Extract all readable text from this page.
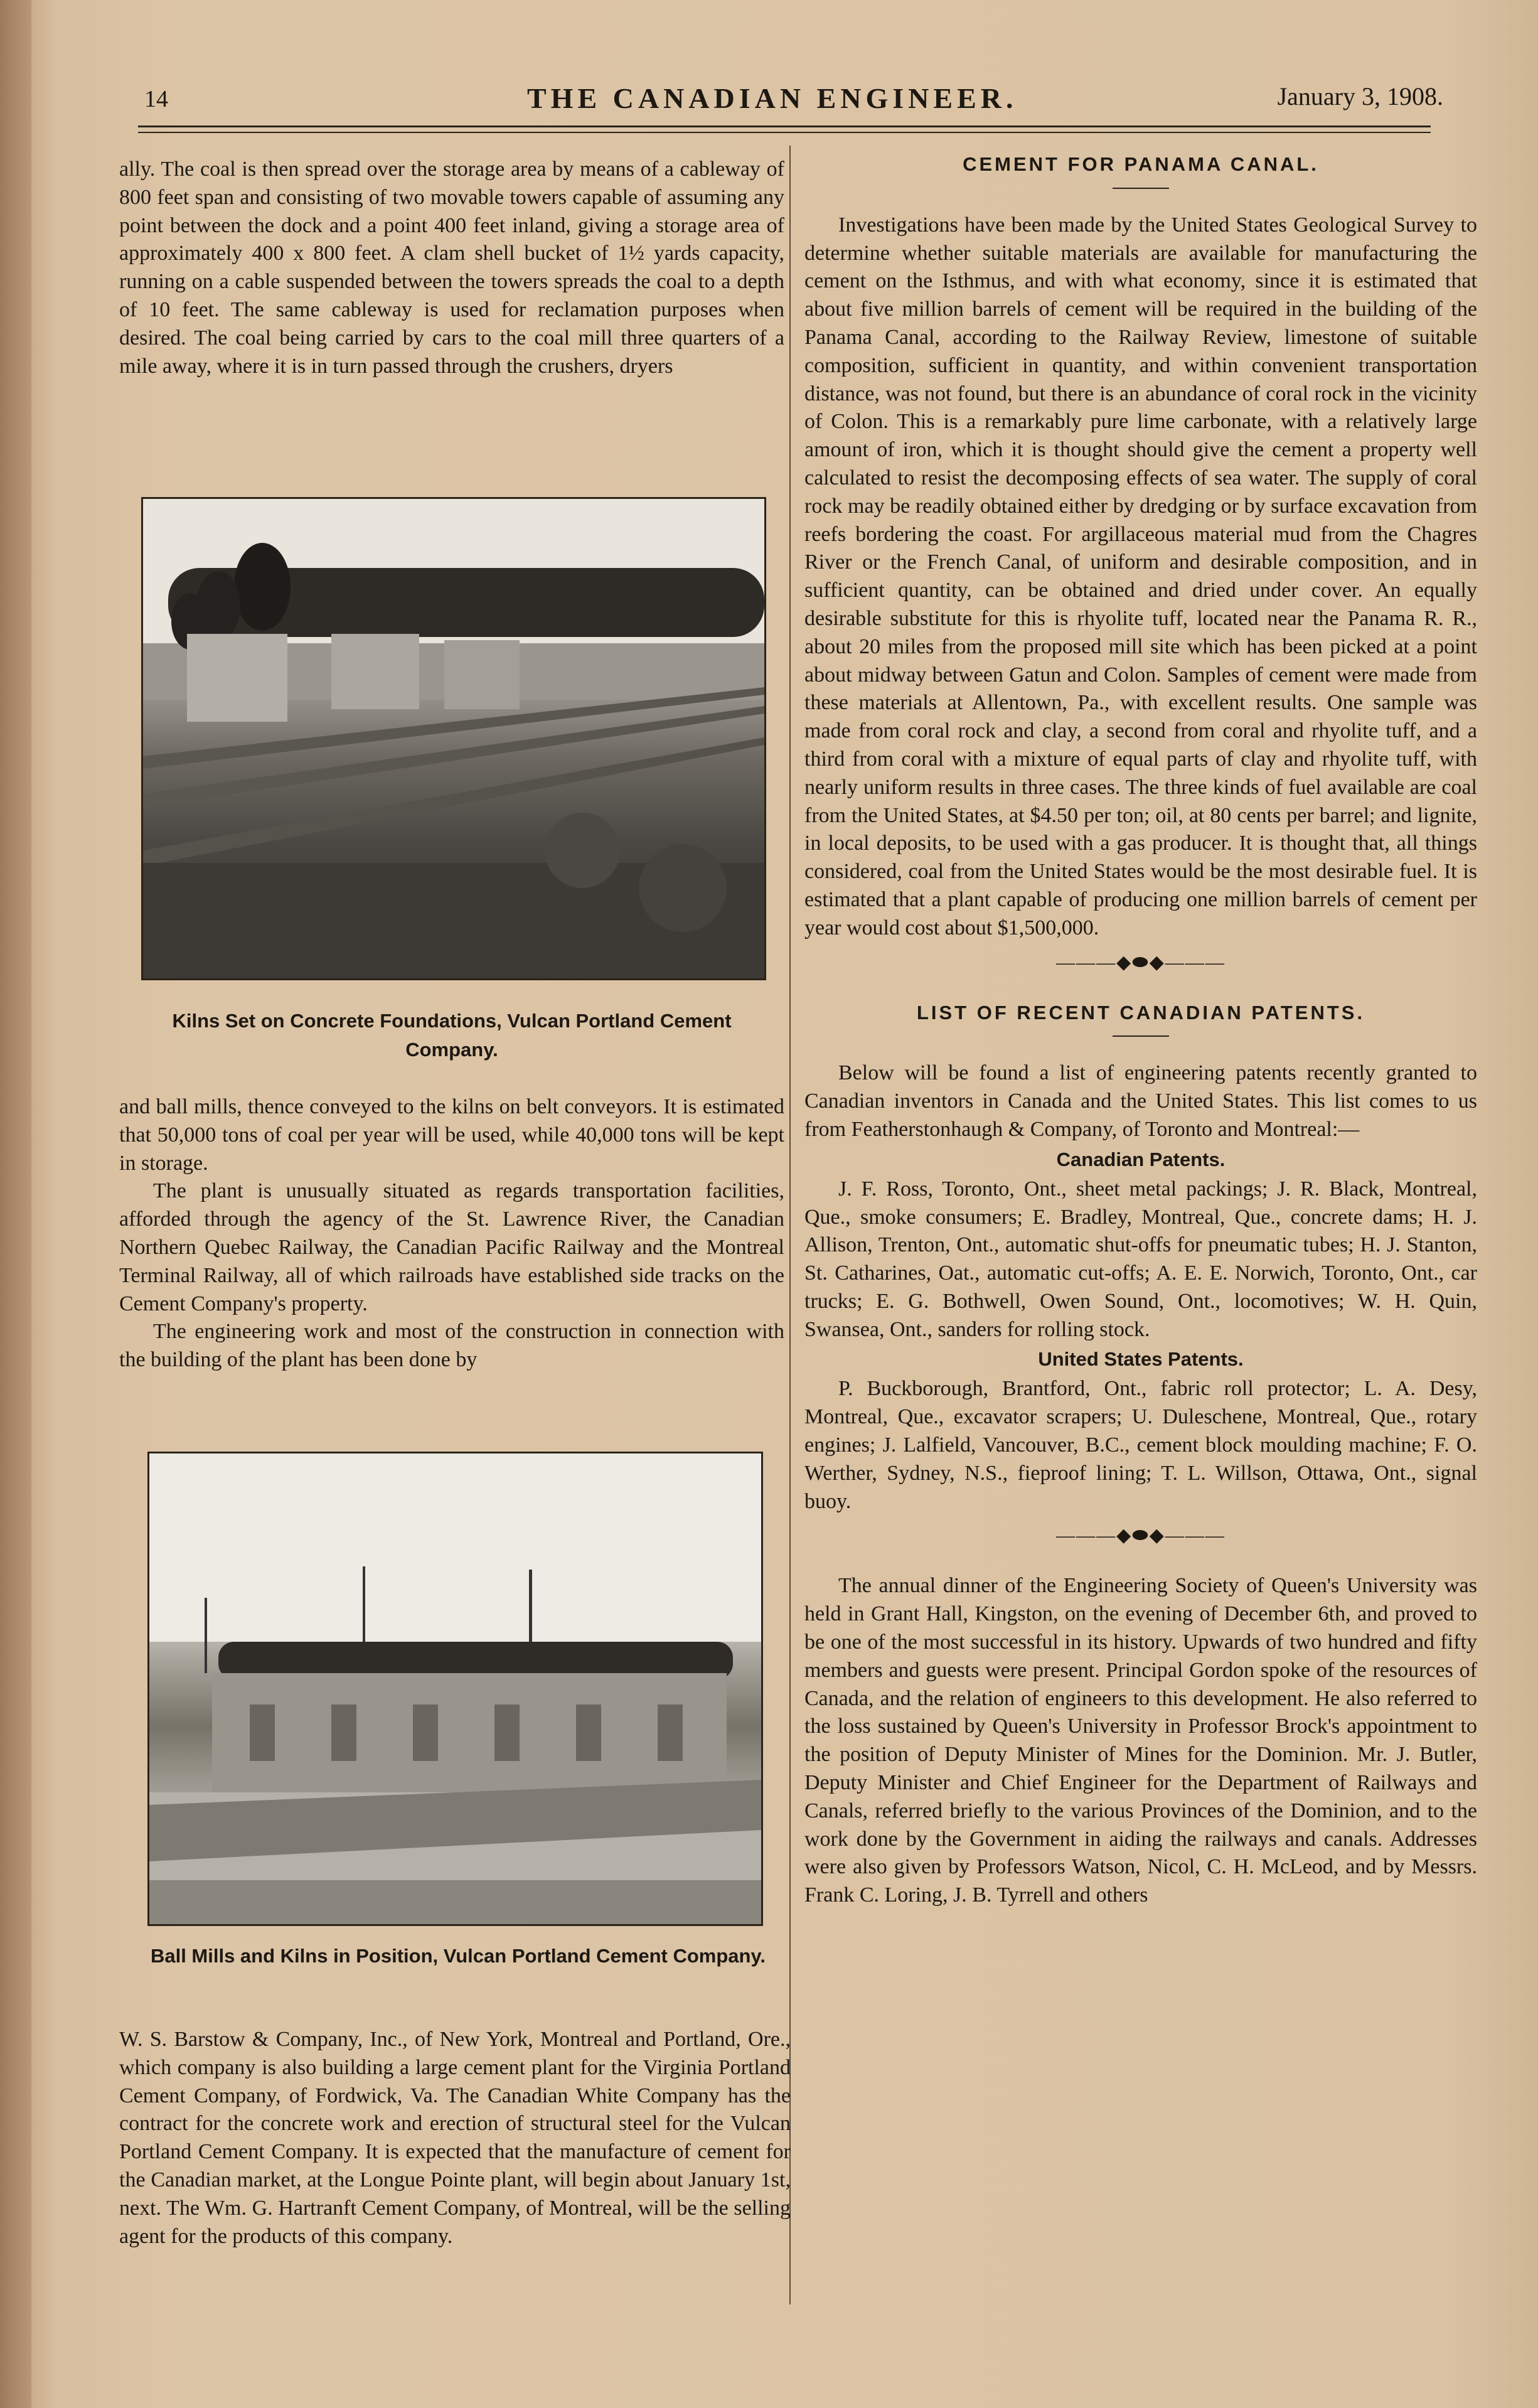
14	THE CANADIAN ENGINEER.	January 3, 1908.

ally. The coal is then spread over the storage area by means of a cableway of 800 feet span and consisting of two movable towers capable of assuming any point between the dock and a point 400 feet inland, giving a storage area of approximately 400 x 800 feet. A clam shell bucket of 1½ yards capacity, running on a cable suspended between the towers spreads the coal to a depth of 10 feet. The same cableway is used for reclamation purposes when desired. The coal being carried by cars to the coal mill three quarters of a mile away, where it is in turn passed through the crushers, dryers

Kilns Set on Concrete Foundations, Vulcan Portland Cement Company.

and ball mills, thence conveyed to the kilns on belt conveyors. It is estimated that 50,000 tons of coal per year will be used, while 40,000 tons will be kept in storage.

The plant is unusually situated as regards transportation facilities, afforded through the agency of the St. Lawrence River, the Canadian Northern Quebec Railway, the Canadian Pacific Railway and the Montreal Terminal Railway, all of which railroads have established side tracks on the Cement Company's property.

The engineering work and most of the construction in connection with the building of the plant has been done by

Ball Mills and Kilns in Position, Vulcan Portland Cement Company.

W. S. Barstow & Company, Inc., of New York, Montreal and Portland, Ore., which company is also building a large cement plant for the Virginia Portland Cement Company, of Fordwick, Va. The Canadian White Company has the contract for the concrete work and erection of structural steel for the Vulcan Portland Cement Company. It is expected that the manufacture of cement for the Canadian market, at the Longue Pointe plant, will begin about January 1st, next. The Wm. G. Hartranft Cement Company, of Montreal, will be the selling agent for the products of this company.

CEMENT FOR PANAMA CANAL.

Investigations have been made by the United States Geological Survey to determine whether suitable materials are available for manufacturing the cement on the Isthmus, and with what economy, since it is estimated that about five million barrels of cement will be required in the building of the Panama Canal, according to the Railway Review, limestone of suitable composition, sufficient in quantity, and within convenient transportation distance, was not found, but there is an abundance of coral rock in the vicinity of Colon. This is a remarkably pure lime carbonate, with a relatively large amount of iron, which it is thought should give the cement a property well calculated to resist the decomposing effects of sea water. The supply of coral rock may be readily obtained either by dredging or by surface excavation from reefs bordering the coast. For argillaceous material mud from the Chagres River or the French Canal, of uniform and desirable composition, and in sufficient quantity, can be obtained and dried under cover. An equally desirable substitute for this is rhyolite tuff, located near the Panama R. R., about 20 miles from the proposed mill site which has been picked at a point about midway between Gatun and Colon. Samples of cement were made from these materials at Allentown, Pa., with excellent results. One sample was made from coral rock and clay, a second from coral and rhyolite tuff, and a third from coral with a mixture of equal parts of clay and rhyolite tuff, with nearly uniform results in three cases. The three kinds of fuel available are coal from the United States, at $4.50 per ton; oil, at 80 cents per barrel; and lignite, in local deposits, to be used with a gas producer. It is thought that, all things considered, coal from the United States would be the most desirable fuel. It is estimated that a plant capable of producing one million barrels of cement per year would cost about $1,500,000.

———◆⬬◆———
LIST OF RECENT CANADIAN PATENTS.

Below will be found a list of engineering patents recently granted to Canadian inventors in Canada and the United States. This list comes to us from Featherstonhaugh & Company, of Toronto and Montreal:—

Canadian Patents.

J. F. Ross, Toronto, Ont., sheet metal packings; J. R. Black, Montreal, Que., smoke consumers; E. Bradley, Montreal, Que., concrete dams; H. J. Allison, Trenton, Ont., automatic shut-offs for pneumatic tubes; H. J. Stanton, St. Catharines, Oat., automatic cut-offs; A. E. E. Norwich, Toronto, Ont., car trucks; E. G. Bothwell, Owen Sound, Ont., locomotives; W. H. Quin, Swansea, Ont., sanders for rolling stock.

United States Patents.

P. Buckborough, Brantford, Ont., fabric roll protector; L. A. Desy, Montreal, Que., excavator scrapers; U. Duleschene, Montreal, Que., rotary engines; J. Lalfield, Vancouver, B.C., cement block moulding machine; F. O. Werther, Sydney, N.S., fieproof lining; T. L. Willson, Ottawa, Ont., signal buoy.

———◆⬬◆———

The annual dinner of the Engineering Society of Queen's University was held in Grant Hall, Kingston, on the evening of December 6th, and proved to be one of the most successful in its history. Upwards of two hundred and fifty members and guests were present. Principal Gordon spoke of the resources of Canada, and the relation of engineers to this development. He also referred to the loss sustained by Queen's University in Professor Brock's appointment to the position of Deputy Minister of Mines for the Dominion. Mr. J. Butler, Deputy Minister and Chief Engineer for the Department of Railways and Canals, referred briefly to the various Provinces of the Dominion, and to the work done by the Government in aiding the railways and canals. Addresses were also given by Professors Watson, Nicol, C. H. McLeod, and by Messrs. Frank C. Loring, J. B. Tyrrell and others
